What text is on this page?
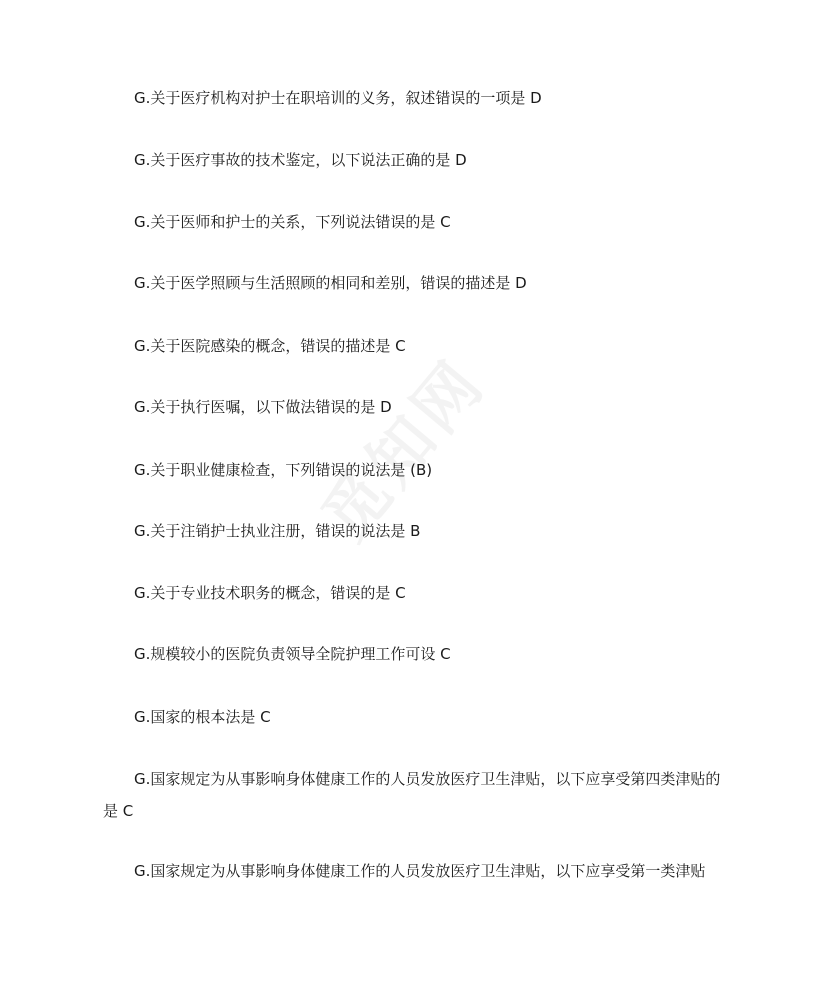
G.关于医疗机构对护士在职培训的义务，叙述错误的一项是 D
G.关于医疗事故的技术鉴定，以下说法正确的是 D
G.关于医师和护士的关系，下列说法错误的是 C
G.关于医学照顾与生活照顾的相同和差别，错误的描述是 D
G.关于医院感染的概念，错误的描述是 C
G.关于执行医嘱，以下做法错误的是 D
G.关于职业健康检查，下列错误的说法是 (B)
G.关于注销护士执业注册，错误的说法是 B
G.关于专业技术职务的概念，错误的是 C
G.规模较小的医院负责领导全院护理工作可设 C
G.国家的根本法是 C
G.国家规定为从事影响身体健康工作的人员发放医疗卫生津贴，以下应享受第四类津贴的是 C
G.国家规定为从事影响身体健康工作的人员发放医疗卫生津贴，以下应享受第一类津贴
